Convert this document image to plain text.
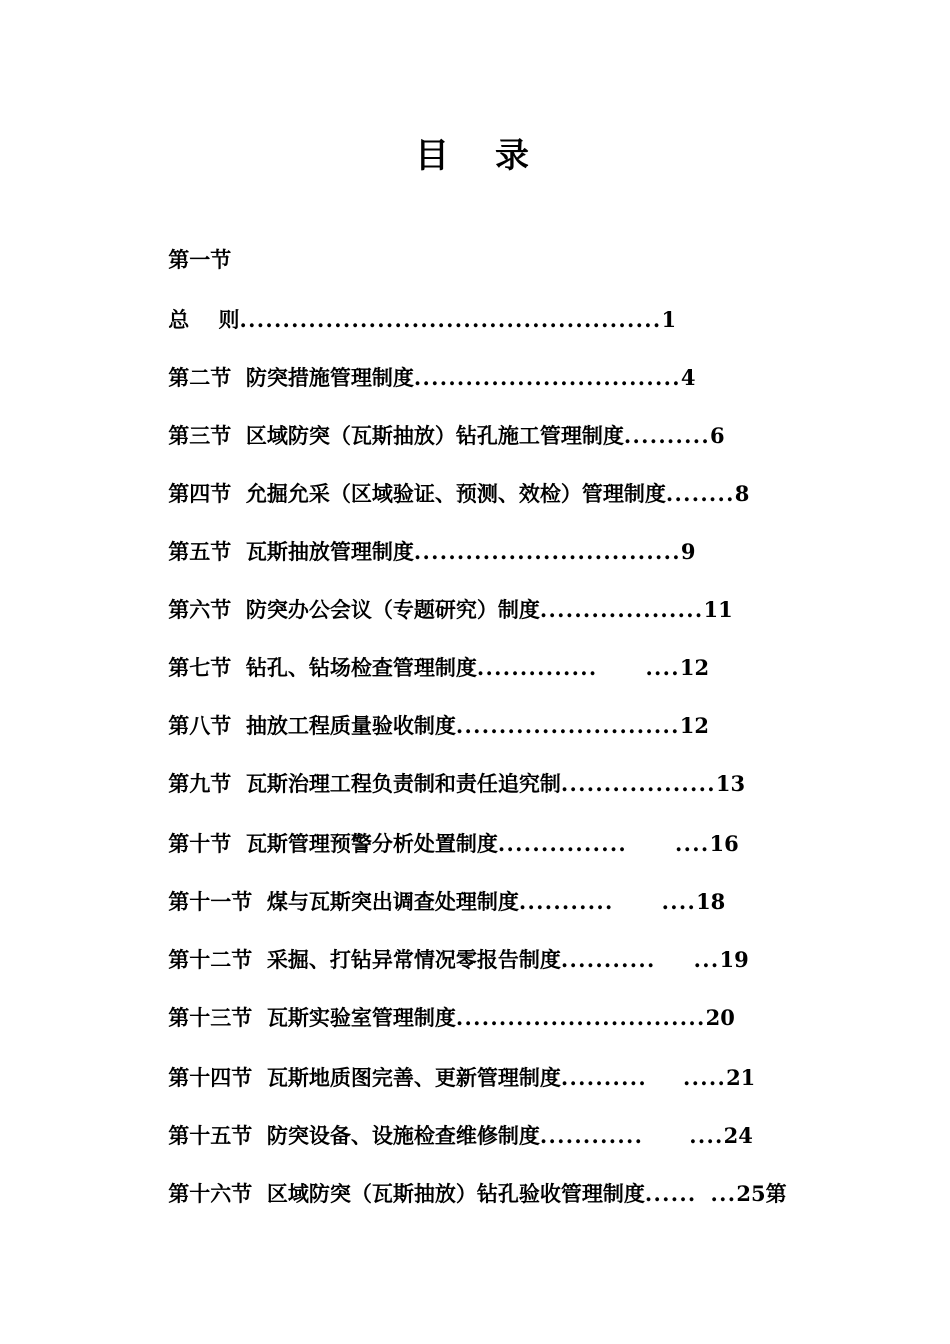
目 录

第一节

总    则.................................................1

第二节  防突措施管理制度...............................4

第三节  区域防突（瓦斯抽放）钻孔施工管理制度..........6

第四节  允掘允采（区域验证、预测、效检）管理制度........8

第五节  瓦斯抽放管理制度...............................9

第六节  防突办公会议（专题研究）制度...................11

第七节  钻孔、钻场检查管理制度.............. ....12

第八节  抽放工程质量验收制度..........................12

第九节  瓦斯治理工程负责制和责任追究制..................13

第十节  瓦斯管理预警分析处置制度............... ....16

第十一节  煤与瓦斯突出调查处理制度........... ....18

第十二节  采掘、打钻异常情况零报告制度........... ...19

第十三节  瓦斯实验室管理制度.............................20

第十四节  瓦斯地质图完善、更新管理制度.......... .....21

第十五节  防突设备、设施检查维修制度............ ....24

第十六节  区域防突（瓦斯抽放）钻孔验收管理制度...... ...25第
